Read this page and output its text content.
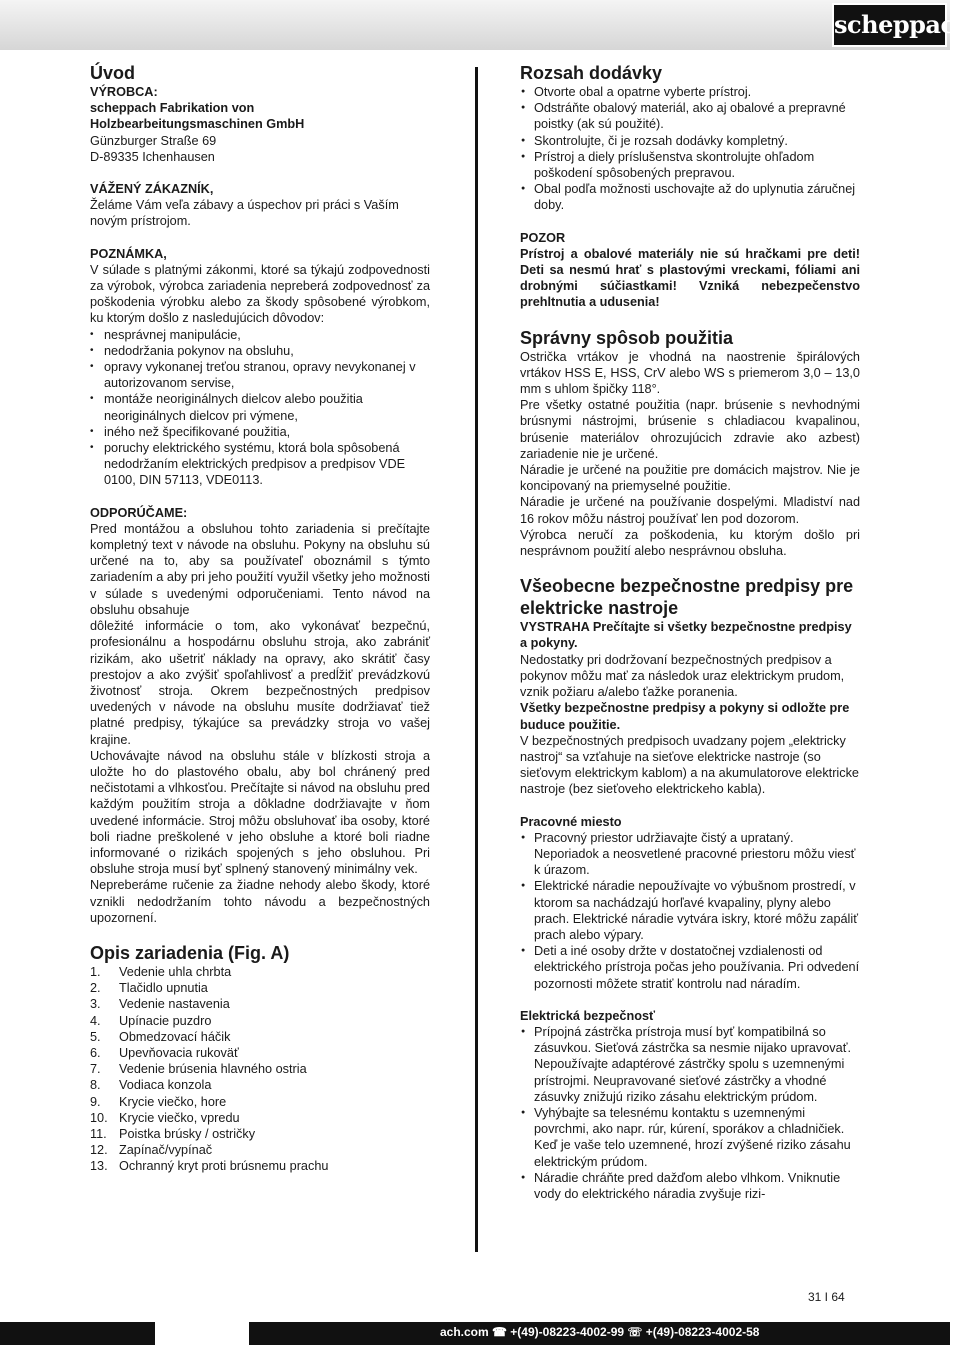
scheppach
Úvod
VÝROBCA:
scheppach Fabrikation von Holzbearbeitungsmaschinen GmbH

Günzburger Straße 69

D-89335 Ichenhausen

VÁŽENÝ ZÁKAZNÍK,

Želáme Vám veľa zábavy a úspechov pri práci s Vaším novým prístrojom.

POZNÁMKA,

V súlade s platnými zákonmi, ktoré sa týkajú zodpovednosti za výrobok, výrobca zariadenia nepreberá zodpovednosť za poškodenia výrobku alebo za škody spôsobené výrobkom, ku ktorým došlo z nasledujúcich dôvodov:

• nesprávnej manipulácie,
• nedodržania pokynov na obsluhu,
• opravy vykonanej treťou stranou, opravy nevykonanej v autorizovanom servise,
• montáže neoriginálnych dielcov alebo použitia neoriginálnych dielcov pri výmene,
• iného než špecifikované použitia,
• poruchy elektrického systému, ktorá bola spôsobená nedodržaním elektrických predpisov a predpisov VDE 0100, DIN 57113, VDE0113.
ODPORÚČAME:

Pred montážou a obsluhou tohto zariadenia si prečítajte kompletný text v návode na obsluhu. Pokyny na obsluhu sú určené na to, aby sa používateľ oboznámil s týmto zariadením a aby pri jeho použití využil všetky jeho možnosti v súlade s uvedenými odporučeniami. Tento návod na obsluhu obsahuje

dôležité informácie o tom, ako vykonávať bezpečnú, profesionálnu a hospodárnu obsluhu stroja, ako zabrániť rizikám, ako ušetriť náklady na opravy, ako skrátiť časy prestojov a ako zvýšiť spoľahlivosť a predĺžiť prevádzkovú životnosť stroja. Okrem bezpečnostných predpisov uvedených v návode na obsluhu musíte dodržiavať tiež platné predpisy, týkajúce sa prevádzky stroja vo vašej krajine.

Uchovávajte návod na obsluhu stále v blízkosti stroja a uložte ho do plastového obalu, aby bol chránený pred nečistotami a vlhkosťou. Prečítajte si návod na obsluhu pred každým použitím stroja a dôkladne dodržiavajte v ňom uvedené informácie. Stroj môžu obsluhovať iba osoby, ktoré boli riadne preškolené v jeho obsluhe a ktoré boli riadne informované o rizikách spojených s jeho obsluhou. Pri obsluhe stroja musí byť splnený stanovený minimálny vek.

Nepreberáme ručenie za žiadne nehody alebo škody, ktoré vznikli nedodržaním tohto návodu a bezpečnostných upozornení.

Opis zariadenia (Fig. A)
1. Vedenie uhla chrbta
2. Tlačidlo upnutia
3. Vedenie nastavenia
4. Upínacie puzdro
5. Obmedzovací háčik
6. Upevňovacia rukoväť
7. Vedenie brúsenia hlavného ostria
8. Vodiaca konzola
9. Krycie viečko, hore
10. Krycie viečko, vpredu
11. Poistka brúsky / ostričky
12. Zapínač/vypínač
13. Ochranný kryt proti brúsnemu prachu
Rozsah dodávky
● Otvorte obal a opatrne vyberte prístroj.
● Odstráňte obalový materiál, ako aj obalové a prepravné poistky (ak sú použité).
● Skontrolujte, či je rozsah dodávky kompletný.
● Prístroj a diely príslušenstva skontrolujte ohľadom poškodení spôsobených prepravou.
● Obal podľa možnosti uschovajte až do uplynutia záručnej doby.
POZOR

Prístroj a obalové materiály nie sú hračkami pre deti! Deti sa nesmú hrať s plastovými vreckami, fóliami ani drobnými súčiastkami! Vzniká nebezpečenstvo prehltnutia a udusenia!

Správny spôsob použitia

Ostrička vrtákov je vhodná na naostrenie špirálových vrtákov HSS E, HSS, CrV alebo WS s priemerom 3,0 – 13,0 mm s uhlom špičky 118°.

Pre všetky ostatné použitia (napr. brúsenie s nevhodnými brúsnymi nástrojmi, brúsenie s chladiacou kvapalinou, brúsenie materiálov ohrozujúcich zdravie ako azbest) zariadenie nie je určené.

Náradie je určené na použitie pre domácich majstrov. Nie je koncipovaný na priemyselné použitie.

Náradie je určené na používanie dospelými. Mladiství nad 16 rokov môžu nástroj používať len pod dozorom.

Výrobca neručí za poškodenia, ku ktorým došlo pri nesprávnom použití alebo nesprávnou obsluha.

Všeobecne bezpečnostne predpisy pre elektricke nastroje

VYSTRAHA Prečítajte si všetky bezpečnostne predpisy a pokyny.

Nedostatky pri dodržovaní bezpečnostných predpisov a pokynov môžu mať za následok uraz elektrickym prudom, vznik požiaru a/alebo ťažke poranenia.

Všetky bezpečnostne predpisy a pokyny si odložte pre buduce použitie.

V bezpečnostných predpisoch uvadzany pojem „elektricky nastroj“ sa vzťahuje na sieťove elektricke nastroje (so sieťovym elektrickym kablom) a na akumulatorove elektricke nastroje (bez sieťoveho elektrickeho kabla).

Pracovné miesto
● Pracovný priestor udržiavajte čistý a uprataný. Neporiadok a neosvetlené pracovné priestoru môžu viesť k úrazom.
● Elektrické náradie nepoužívajte vo výbušnom prostredí, v ktorom sa nachádzajú horľavé kvapaliny, plyny alebo prach. Elektrické náradie vytvára iskry, ktoré môžu zapáliť prach alebo výpary.
● Deti a iné osoby držte v dostatočnej vzdialenosti od elektrického prístroja počas jeho používania. Pri odvedení pozornosti môžete stratiť kontrolu nad náradím.
Elektrická bezpečnosť
● Prípojná zástrčka prístroja musí byť kompatibilná so zásuvkou. Sieťová zástrčka sa nesmie nijako upravovať. Nepoužívajte adaptérové zástrčky spolu s uzemnenými prístrojmi. Neupravované sieťové zástrčky a vhodné zásuvky znižujú riziko zásahu elektrickým prúdom.
● Vyhýbajte sa telesnému kontaktu s uzemnenými povrchmi, ako napr. rúr, kúrení, sporákov a chladničiek. Keď je vaše telo uzemnené, hrozí zvýšené riziko zásahu elektrickým prúdom.
● Náradie chráňte pred dažďom alebo vlhkom. Vniknutie vody do elektrického náradia zvyšuje rizi-
31 I 64
ach.com ☎ +(49)-08223-4002-99 ☏ +(49)-08223-4002-58
